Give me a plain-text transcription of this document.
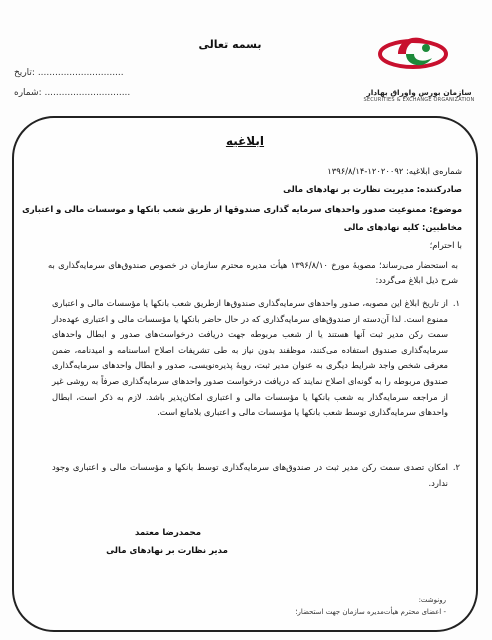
بسمه تعالی
تاریخ: ..............................
شماره: ..............................	سازمان بورس واوراق بهادار
SECURITIES & EXCHANGE ORGANIZATION
ابلاغیه
شماره‌ی ابلاغیه: ۱۲۰۲۰۰۹۲-۱۳۹۶/۸/۱۴
صادرکننده: مدیریت نظارت بر نهادهای مالی
موضوع: ممنوعیت صدور واحدهای سرمایه گذاری صندوقها از طریق شعب بانکها و موسسات مالی و اعتباری
مخاطبین: کلیه نهادهای مالی
با احترام؛
به استحضار می‌رساند؛ مصوبهٔ مورخ ۱۳۹۶/۸/۱۰ هیأت مدیره محترم سازمان در خصوص صندوق‌های سرمایه‌گذاری به شرح ذیل ابلاغ می‌گردد:
۱.
از تاریخ ابلاغ این مصوبه، صدور واحدهای سرمایه‌گذاری صندوق‌ها ازطریق شعب بانکها یا مؤسسات مالی و اعتباری ممنوع است. لذا آن‌دسته از صندوق‌های سرمایه‌گذاری که در حال حاضر بانکها یا مؤسسات مالی و اعتباری عهده‌دار سمت رکن مدیر ثبت آنها هستند یا از شعب مربوطه جهت دریافت درخواست‌های صدور و ابطال واحدهای سرمایه‌گذاری صندوق استفاده می‌کنند، موظفند بدون نیاز به طی تشریفات اصلاح اساسنامه و امیدنامه، ضمن معرفی شخص واجد شرایط دیگری به عنوان مدیر ثبت، رویهٔ پذیره‌نویسی، صدور و ابطال واحدهای سرمایه‌گذاری صندوق مربوطه را به گونه‌ای اصلاح نمایند که دریافت درخواست صدور واحدهای سرمایه‌گذاری صرفاً به روشی غیر از مراجعه سرمایه‌گذار به شعب بانکها یا مؤسسات مالی و اعتباری امکان‌پذیر باشد. لازم به ذکر است، ابطال واحدهای سرمایه‌گذاری توسط شعب بانکها یا مؤسسات مالی و اعتباری بلامانع است.
۲.
امکان تصدی سمت رکن مدیر ثبت در صندوق‌های سرمایه‌گذاری توسط بانکها و مؤسسات مالی و اعتباری وجود ندارد.
محمدرضا معتمد
مدیر نظارت بر نهادهای مالی
رونوشت:
- اعضای محترم هیأت‌مدیره سازمان جهت استحضار؛
